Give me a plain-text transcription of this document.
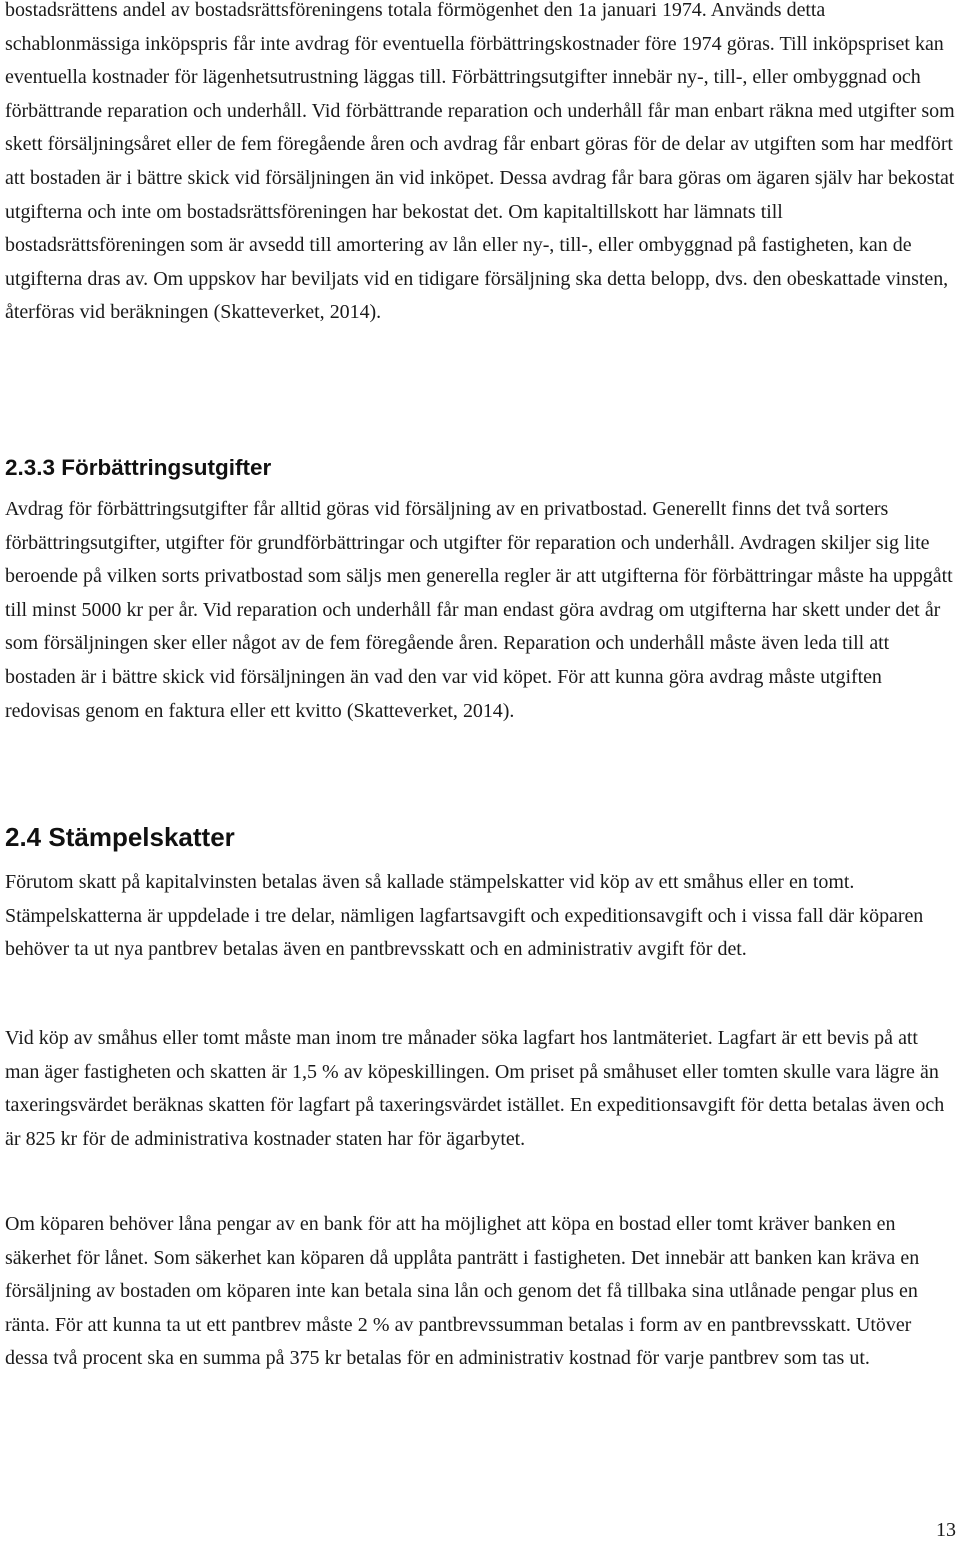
bostadsrättens andel av bostadsrättsföreningens totala förmögenhet den 1a januari 1974. Används detta schablonmässiga inköpspris får inte avdrag för eventuella förbättringskostnader före 1974 göras. Till inköpspriset kan eventuella kostnader för lägenhetsutrustning läggas till. Förbättringsutgifter innebär ny-, till-, eller ombyggnad och förbättrande reparation och underhåll. Vid förbättrande reparation och underhåll får man enbart räkna med utgifter som skett försäljningsåret eller de fem föregående åren och avdrag får enbart göras för de delar av utgiften som har medfört att bostaden är i bättre skick vid försäljningen än vid inköpet. Dessa avdrag får bara göras om ägaren själv har bekostat utgifterna och inte om bostadsrättsföreningen har bekostat det. Om kapitaltillskott har lämnats till bostadsrättsföreningen som är avsedd till amortering av lån eller ny-, till-, eller ombyggnad på fastigheten, kan de utgifterna dras av. Om uppskov har beviljats vid en tidigare försäljning ska detta belopp, dvs. den obeskattade vinsten, återföras vid beräkningen (Skatteverket, 2014).

2.3.3 Förbättringsutgifter

Avdrag för förbättringsutgifter får alltid göras vid försäljning av en privatbostad. Generellt finns det två sorters förbättringsutgifter, utgifter för grundförbättringar och utgifter för reparation och underhåll. Avdragen skiljer sig lite beroende på vilken sorts privatbostad som säljs men generella regler är att utgifterna för förbättringar måste ha uppgått till minst 5000 kr per år. Vid reparation och underhåll får man endast göra avdrag om utgifterna har skett under det år som försäljningen sker eller något av de fem föregående åren. Reparation och underhåll måste även leda till att bostaden är i bättre skick vid försäljningen än vad den var vid köpet. För att kunna göra avdrag måste utgiften redovisas genom en faktura eller ett kvitto (Skatteverket, 2014).

2.4 Stämpelskatter

Förutom skatt på kapitalvinsten betalas även så kallade stämpelskatter vid köp av ett småhus eller en tomt. Stämpelskatterna är uppdelade i tre delar, nämligen lagfartsavgift och expeditionsavgift och i vissa fall där köparen behöver ta ut nya pantbrev betalas även en pantbrevsskatt och en administrativ avgift för det.

Vid köp av småhus eller tomt måste man inom tre månader söka lagfart hos lantmäteriet. Lagfart är ett bevis på att man äger fastigheten och skatten är 1,5 % av köpeskillingen. Om priset på småhuset eller tomten skulle vara lägre än taxeringsvärdet beräknas skatten för lagfart på taxeringsvärdet istället. En expeditionsavgift för detta betalas även och är 825 kr för de administrativa kostnader staten har för ägarbytet.

Om köparen behöver låna pengar av en bank för att ha möjlighet att köpa en bostad eller tomt kräver banken en säkerhet för lånet. Som säkerhet kan köparen då upplåta panträtt i fastigheten. Det innebär att banken kan kräva en försäljning av bostaden om köparen inte kan betala sina lån och genom det få tillbaka sina utlånade pengar plus en ränta. För att kunna ta ut ett pantbrev måste 2 % av pantbrevssumman betalas i form av en pantbrevsskatt. Utöver dessa två procent ska en summa på 375 kr betalas för en administrativ kostnad för varje pantbrev som tas ut.

13
